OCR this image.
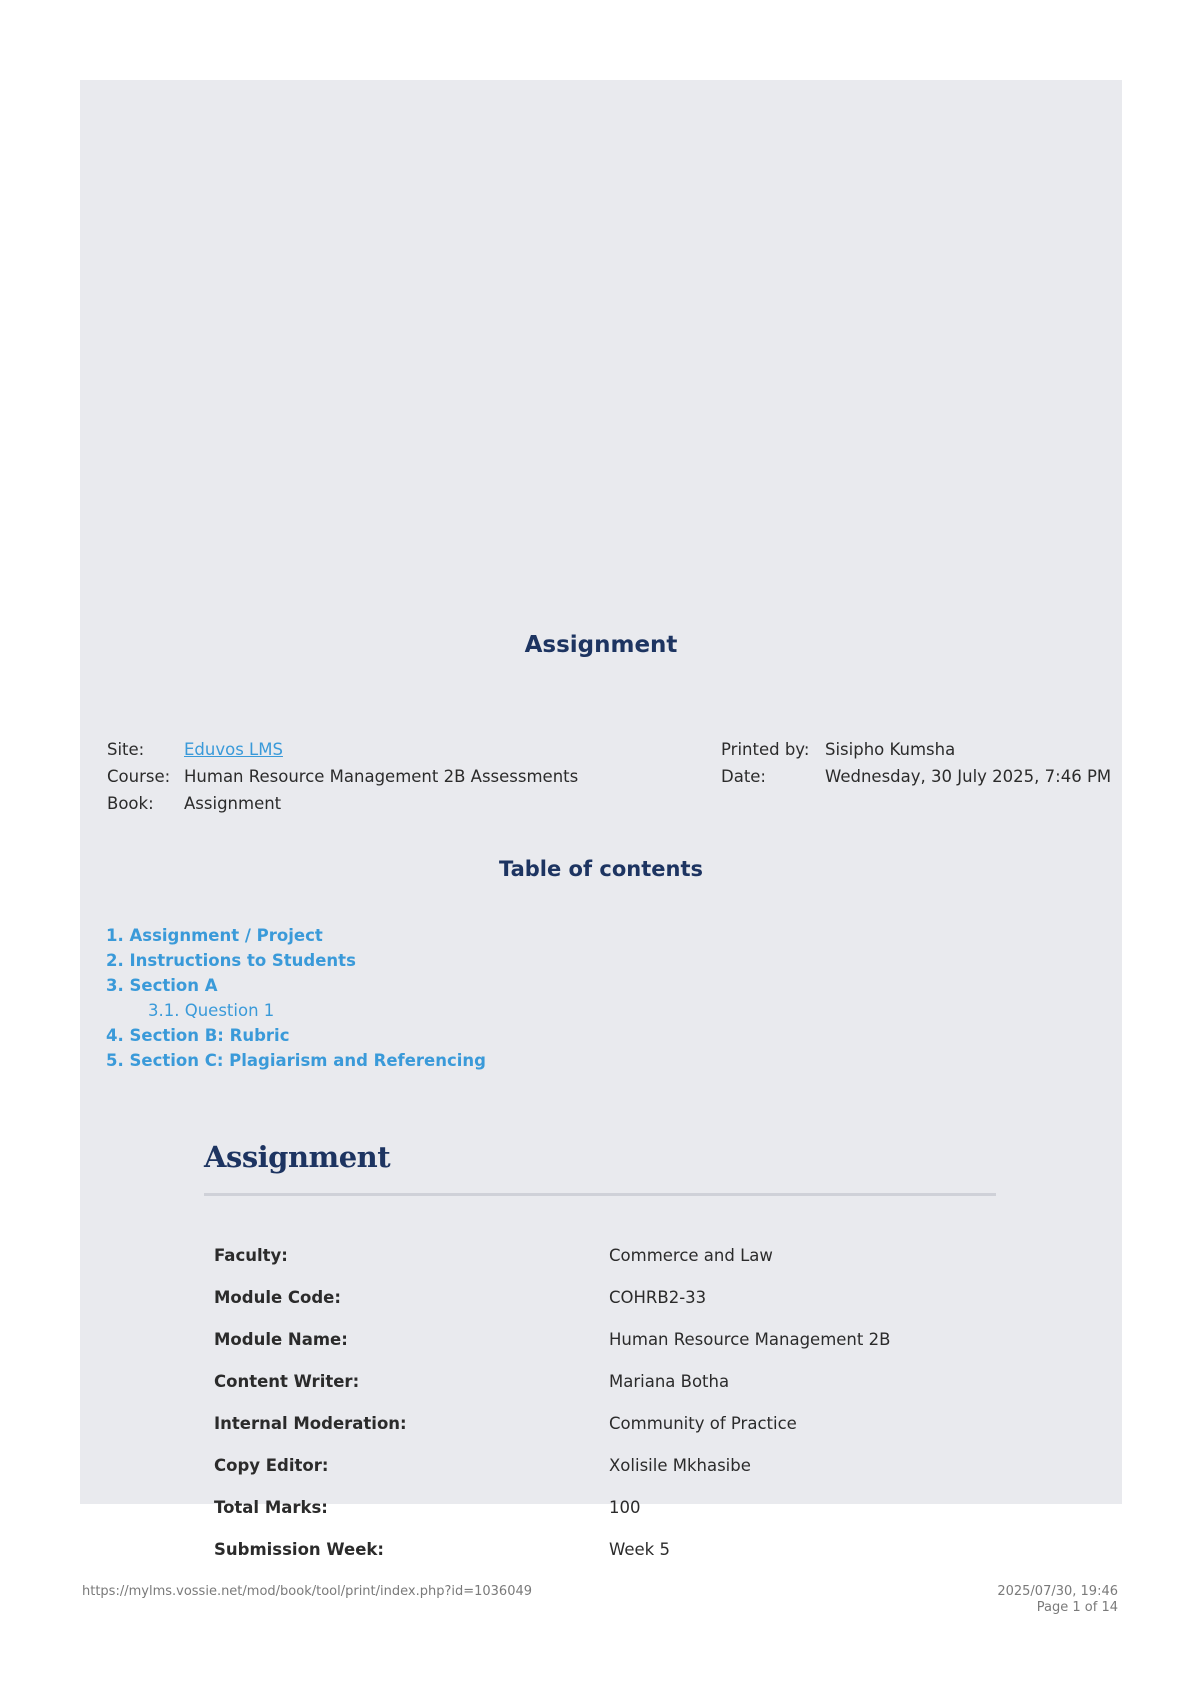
Assignment
Site:	Eduvos LMS
Course: Human Resource Management 2B Assessments
Book:	Assignment
Printed by: Sisipho Kumsha
Date:	Wednesday, 30 July 2025, 7:46 PM
Table of contents
1. Assignment / Project
2. Instructions to Students
3. Section A
3.1. Question 1
4. Section B: Rubric
5. Section C: Plagiarism and Referencing
Assignment
Faculty:	Commerce and Law
Module Code:	COHRB2-33
Module Name:	Human Resource Management 2B
Content Writer:	Mariana Botha
Internal Moderation:	Community of Practice
Copy Editor:	Xolisile Mkhasibe
Total Marks:	100
Submission Week:	Week 5
https://mylms.vossie.net/mod/book/tool/print/index.php?id=1036049	2025/07/30, 19:46
Page 1 of 14
